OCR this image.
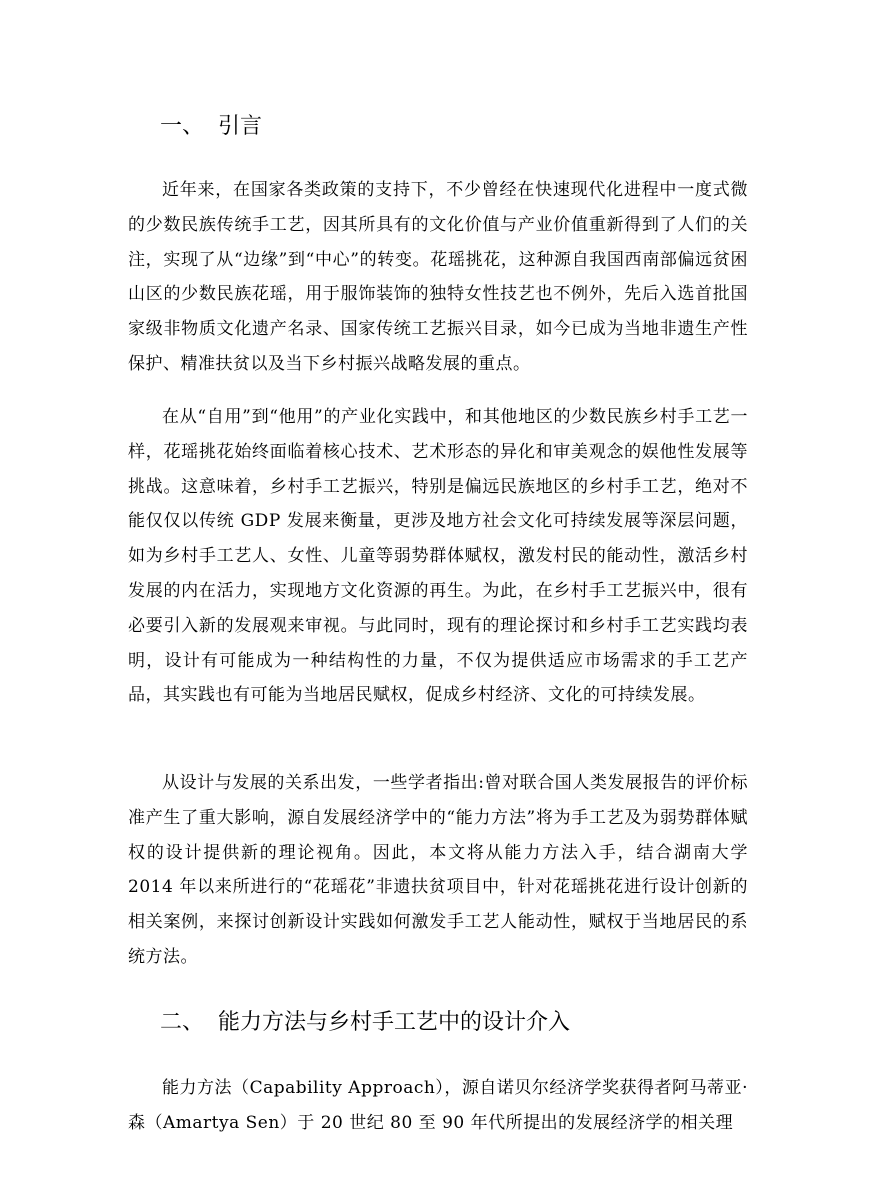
一、 引言

近年来，在国家各类政策的支持下，不少曾经在快速现代化进程中一度式微的少数民族传统手工艺，因其所具有的文化价值与产业价值重新得到了人们的关注，实现了从“边缘”到“中心”的转变。花瑶挑花，这种源自我国西南部偏远贫困山区的少数民族花瑶，用于服饰装饰的独特女性技艺也不例外，先后入选首批国家级非物质文化遗产名录、国家传统工艺振兴目录，如今已成为当地非遗生产性保护、精准扶贫以及当下乡村振兴战略发展的重点。

在从“自用”到“他用”的产业化实践中，和其他地区的少数民族乡村手工艺一样，花瑶挑花始终面临着核心技术、艺术形态的异化和审美观念的娱他性发展等挑战。这意味着，乡村手工艺振兴，特别是偏远民族地区的乡村手工艺，绝对不能仅仅以传统 GDP 发展来衡量，更涉及地方社会文化可持续发展等深层问题，如为乡村手工艺人、女性、儿童等弱势群体赋权，激发村民的能动性，激活乡村发展的内在活力，实现地方文化资源的再生。为此，在乡村手工艺振兴中，很有必要引入新的发展观来审视。与此同时，现有的理论探讨和乡村手工艺实践均表明，设计有可能成为一种结构性的力量，不仅为提供适应市场需求的手工艺产品，其实践也有可能为当地居民赋权，促成乡村经济、文化的可持续发展。

从设计与发展的关系出发，一些学者指出:曾对联合国人类发展报告的评价标准产生了重大影响，源自发展经济学中的“能力方法”将为手工艺及为弱势群体赋权的设计提供新的理论视角。因此，本文将从能力方法入手，结合湖南大学 2014 年以来所进行的“花瑶花”非遗扶贫项目中，针对花瑶挑花进行设计创新的相关案例，来探讨创新设计实践如何激发手工艺人能动性，赋权于当地居民的系统方法。

二、 能力方法与乡村手工艺中的设计介入

能力方法（Capability Approach），源自诺贝尔经济学奖获得者阿马蒂亚·森（Amartya Sen）于 20 世纪 80 至 90 年代所提出的发展经济学的相关理
